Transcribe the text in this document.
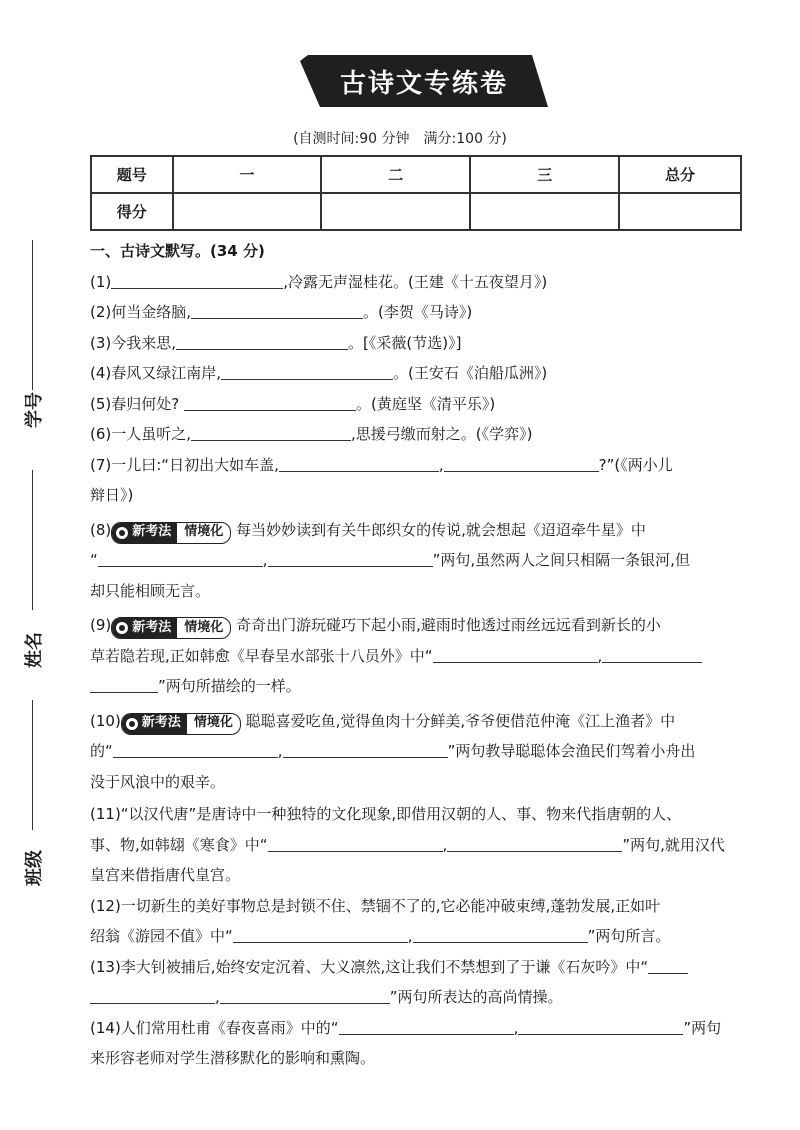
学号
姓名
班级
古诗文专练卷
(自测时间:90 分钟　满分:100 分)
题号	一	二	三	总分
得分				
一、古诗文默写。(34 分)
(1)	,冷露无声湿桂花。(王建《十五夜望月》)
(2)何当金络脑,	。(李贺《马诗》)
(3)今我来思,	。[《采薇(节选)》]
(4)春风又绿江南岸,	。(王安石《泊船瓜洲》)
(5)春归何处?	。(黄庭坚《清平乐》)
(6)一人虽听之,	,思援弓缴而射之。(《学弈》)
(7)一儿曰:“日初出大如车盖,	,	?”(《两小儿
辩日》)
(8) 新考法	情境化 每当妙妙读到有关牛郎织女的传说,就会想起《迢迢牵牛星》中
“	,	”两句,虽然两人之间只相隔一条银河,但
却只能相顾无言。
(9) 新考法	情境化 奇奇出门游玩碰巧下起小雨,避雨时他透过雨丝远远看到新长的小
草若隐若现,正如韩愈《早春呈水部张十八员外》中“	,
”两句所描绘的一样。
(10) 新考法	情境化 聪聪喜爱吃鱼,觉得鱼肉十分鲜美,爷爷便借范仲淹《江上渔者》中
的“	,	”两句教导聪聪体会渔民们驾着小舟出
没于风浪中的艰辛。
(11)“以汉代唐”是唐诗中一种独特的文化现象,即借用汉朝的人、事、物来代指唐朝的人、
事、物,如韩翃《寒食》中“	,	”两句,就用汉代
皇宫来借指唐代皇宫。
(12)一切新生的美好事物总是封锁不住、禁锢不了的,它必能冲破束缚,蓬勃发展,正如叶
绍翁《游园不值》中“	,	”两句所言。
(13)李大钊被捕后,始终安定沉着、大义凛然,这让我们不禁想到了于谦《石灰吟》中“
,	”两句所表达的高尚情操。
(14)人们常用杜甫《春夜喜雨》中的“	,	”两句
来形容老师对学生潜移默化的影响和熏陶。
